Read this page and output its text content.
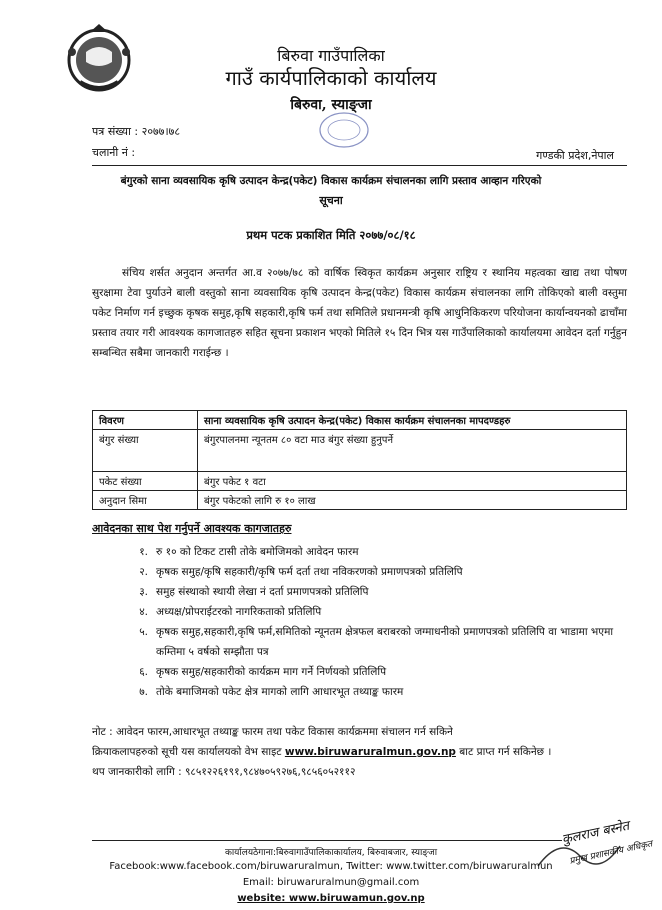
बिरुवा गाउँपालिका
गाउँ कार्यपालिकाको कार्यालय
बिरुवा, स्याङ्जा
पत्र संख्या : २०७७।७८
चलानी नं :	गण्डकी प्रदेश,नेपाल
बंगुरको साना व्यवसायिक कृषि उत्पादन केन्द्र(पकेट) विकास कार्यक्रम संचालनका लागि प्रस्ताव आव्हान गरिएको
सूचना
प्रथम पटक प्रकाशित मिति २०७७/०८/१८
संचिय शर्सत अनुदान अन्तर्गत आ.व २०७७/७८ को वार्षिक स्विकृत कार्यक्रम अनुसार राष्ट्रिय र स्थानिय महत्वका खाद्य तथा पोषण सुरक्षामा टेवा पुर्याउने बाली वस्तुको साना व्यवसायिक कृषि उत्पादन केन्द्र(पकेट) विकास कार्यक्रम संचालनका लागि तोकिएको बाली वस्तुमा पकेट निर्माण गर्न इच्छुक कृषक समुह,कृषि सहकारी,कृषि फर्म तथा समितिले प्रधानमन्त्री कृषि आधुनिकिकरण परियोजना कार्यान्वयनको ढाचाँमा प्रस्ताव तयार गरी आवश्यक कागजातहरु सहित सूचना प्रकाशन भएको मितिले १५ दिन भित्र यस गाउँपालिकाको कार्यालयमा आवेदन दर्ता गर्नुहुन सम्बन्धित सबैमा जानकारी गराईन्छ ।
विवरण	साना व्यवसायिक कृषि उत्पादन केन्द्र(पकेट) विकास कार्यक्रम संचालनका मापदण्डहरु
बंगुर संख्या	बंगुरपालनमा न्यूनतम ८० वटा माउ बंगुर संख्या हुनुपर्ने
पकेट संख्या	बंगुर पकेट १ वटा
अनुदान सिमा	बंगुर पकेटको लागि रु १० लाख
आवेदनका साथ पेश गर्नुपर्ने आवश्यक कागजातहरु
१. रु १० को टिकट टासी तोके बमोजिमको आवेदन फारम
२. कृषक समुह/कृषि सहकारी/कृषि फर्म दर्ता तथा नविकरणको प्रमाणपत्रको प्रतिलिपि
३. समुह संस्थाको स्थायी लेखा नं दर्ता प्रमाणपत्रको प्रतिलिपि
४. अध्यक्ष/प्रोपराईटरको नागरिकताको प्रतिलिपि
५. कृषक समुह,सहकारी,कृषि फर्म,समितिको न्यूनतम क्षेत्रफल बराबरको जग्माधनीको प्रमाणपत्रको प्रतिलिपि वा भाडामा भएमा कम्तिमा ५ वर्षको सम्झौता पत्र
६. कृषक समुह/सहकारीको कार्यक्रम माग गर्ने निर्णयको प्रतिलिपि
७. तोके बमाजिमको पकेट क्षेत्र मागको लागि आधारभूत तथ्याङ्क फारम
नोट : आवेदन फारम,आधारभूत तथ्याङ्क फारम तथा पकेट विकास कार्यक्रममा संचालन गर्न सकिने
क्रियाकलापहरुको सूची यस कार्यालयको वेभ साइट www.biruwaruralmun.gov.np बाट प्राप्त गर्न सकिनेछ ।
थप जानकारीको लागि : ९८५१२२६१९१,९८४७०५९२७६,९८५६०५२११२
कुलराज बस्नेत
प्रमुख प्रशासकीय अधिकृत
कार्यालयठेगाना:बिरुवागाउँपालिकाकार्यालय, बिरुवाबजार, स्याङ्जा
Facebook:www.facebook.com/biruwaruralmun, Twitter: www.twitter.com/biruwaruralmun
Email: biruwaruralmun@gmail.com
website: www.biruwamun.gov.np
